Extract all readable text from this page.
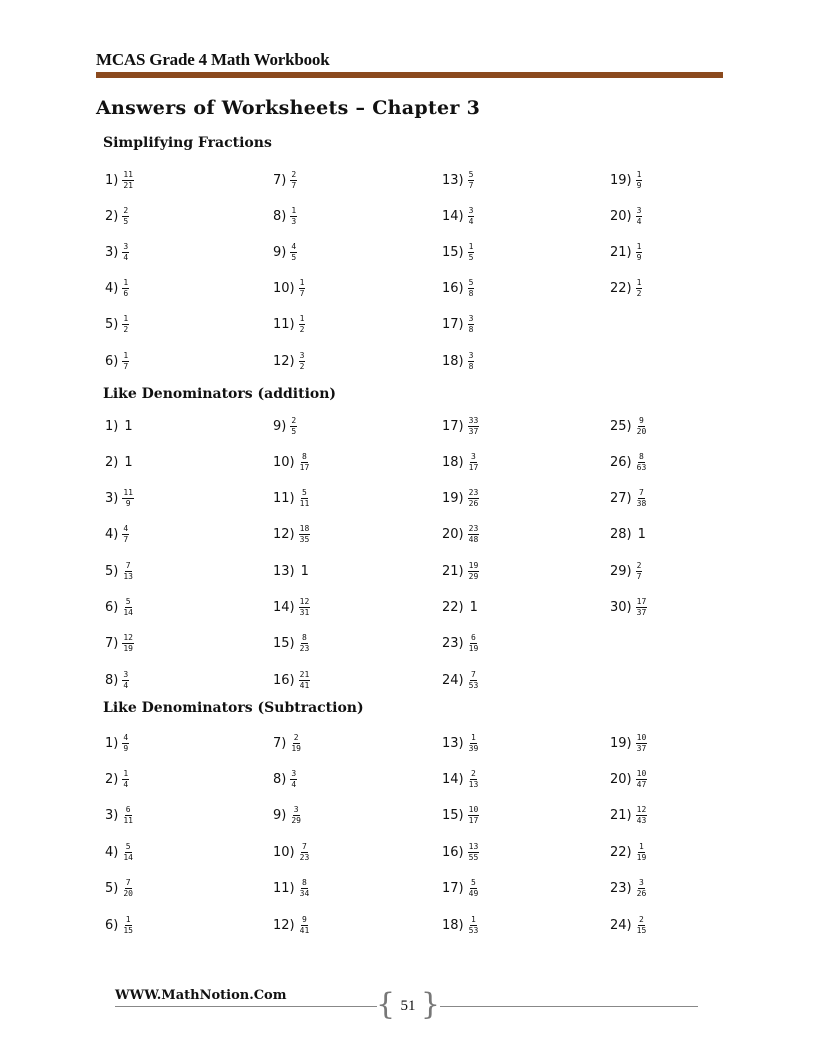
MCAS Grade 4 Math Workbook
Answers of Worksheets – Chapter 3
Simplifying Fractions
$1) \frac{11}{21}$
$2) \frac{2}{5}$
$3) \frac{3}{4}$
$4) \frac{1}{6}$
$5) \frac{1}{2}$
$6) \frac{1}{7}$
$7) \frac{2}{7}$
$8) \frac{1}{3}$
$9) \frac{4}{5}$
$10) \frac{1}{7}$
$11) \frac{1}{2}$
$12) \frac{3}{2}$
$13) \frac{5}{7}$
$14) \frac{3}{4}$
$15) \frac{1}{5}$
$16) \frac{5}{8}$
$17) \frac{3}{8}$
$18) \frac{3}{8}$
$19) \frac{1}{9}$
$20) \frac{3}{4}$
$21) \frac{1}{9}$
$22) \frac{1}{2}$
Like Denominators (addition)
1) 1
2) 1
$3) \frac{11}{9}$
$4) \frac{4}{7}$
$5) \frac{7}{13}$
$6) \frac{5}{14}$
$7) \frac{12}{19}$
$8) \frac{3}{4}$
$9) \frac{2}{5}$
$10) \frac{8}{17}$
$11) \frac{5}{11}$
$12) \frac{18}{35}$
13) 1
$14) \frac{12}{31}$
$15) \frac{8}{23}$
$16) \frac{21}{41}$
$17) \frac{33}{37}$
$18) \frac{3}{17}$
$19) \frac{23}{26}$
$20) \frac{23}{48}$
$21) \frac{19}{29}$
22) 1
$23) \frac{6}{19}$
$24) \frac{7}{53}$
$25) \frac{9}{20}$
$26) \frac{8}{63}$
$27) \frac{7}{38}$
28) 1
$29) \frac{2}{7}$
$30) \frac{17}{37}$
Like Denominators (Subtraction)
$1) \frac{4}{9}$
$2) \frac{1}{4}$
$3) \frac{6}{11}$
$4) \frac{5}{14}$
$5) \frac{7}{20}$
$6) \frac{1}{15}$
$7) \frac{2}{19}$
$8) \frac{3}{4}$
$9) \frac{3}{29}$
$10) \frac{7}{23}$
$11) \frac{8}{34}$
$12) \frac{9}{41}$
$13) \frac{1}{39}$
$14) \frac{2}{13}$
$15) \frac{10}{17}$
$16) \frac{13}{55}$
$17) \frac{5}{49}$
$18) \frac{1}{53}$
$19) \frac{10}{37}$
$20) \frac{10}{47}$
$21) \frac{12}{43}$
$22) \frac{1}{19}$
$23) \frac{3}{26}$
$24) \frac{2}{15}$
WWW.MathNotion.Com	{ 51 }
